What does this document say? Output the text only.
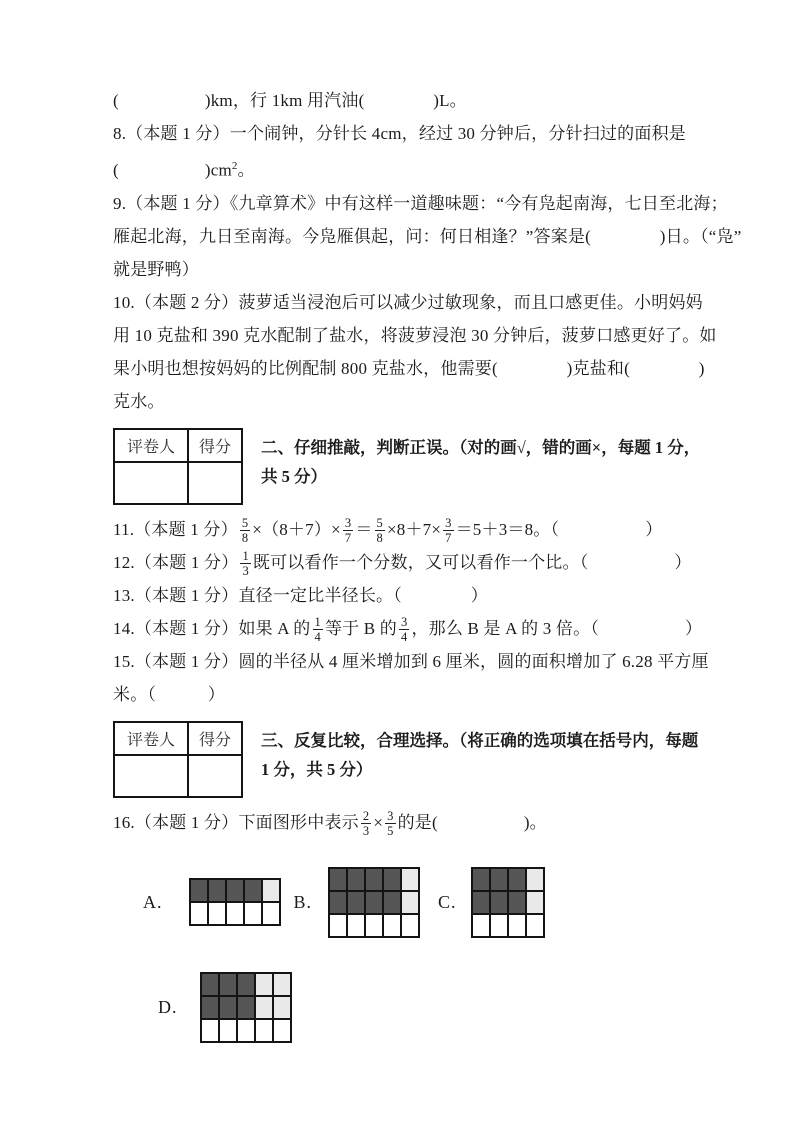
(　　　　　)km，行 1km 用汽油(　　　　)L。
8.（本题 1 分）一个闹钟，分针长 4cm，经过 30 分钟后，分针扫过的面积是
(　　　　　)$cm^2$。
9.（本题 1 分）《九章算术》中有这样一道趣味题：“今有凫起南海，七日至北海；
雁起北海，九日至南海。今凫雁俱起，问：何日相逢？”答案是(　　　　)日。（“凫”
就是野鸭）
10.（本题 2 分）菠萝适当浸泡后可以减少过敏现象，而且口感更佳。小明妈妈
用 10 克盐和 390 克水配制了盐水，将菠萝浸泡 30 分钟后，菠萝口感更好了。如
果小明也想按妈妈的比例配制 800 克盐水，他需要(　　　　)克盐和(　　　　)
克水。
评卷人	得分
	二、仔细推敲，判断正误。（对的画√，错的画×，每题 1 分，
共 5 分）
11.（本题 1 分） $\frac{5}{8} \times(8+7)\times \frac{3}{7} = \frac{5}{8} \times 8+7\times \frac{3}{7} =5+3=8$。（　　　　　）
12.（本题 1 分） $\frac{1}{3}$ 既可以看作一个分数，又可以看作一个比。（　　　　　）
13.（本题 1 分）直径一定比半径长。（　　　　）
14.（本题 1 分）如果 A 的 $\frac{1}{4}$ 等于 B 的 $\frac{3}{4}$ ，那么 B 是 A 的 3 倍。（　　　　　）
15.（本题 1 分）圆的半径从 4 厘米增加到 6 厘米，圆的面积增加了 6.28 平方厘
米。（　　　）
评卷人	得分
	三、反复比较，合理选择。（将正确的选项填在括号内，每题
1 分，共 5 分）
16.（本题 1 分）下面图形中表示 $\frac{2}{3} \times \frac{3}{5}$ 的是(　　　　　)。
A.	B.	C.
D.
